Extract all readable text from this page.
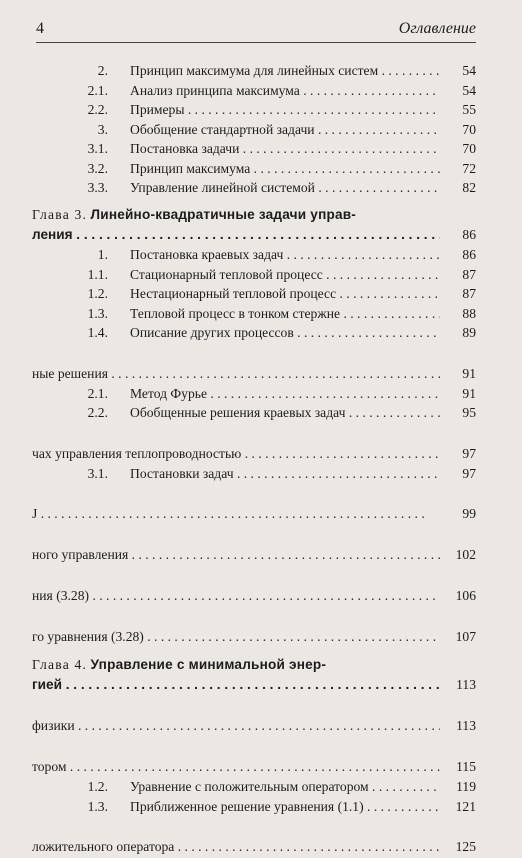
4	Оглавление
2. Принцип максимума для линейных систем . . .	54
2.1. Анализ принципа максимума . . .	54
2.2. Примеры . . .	55
3. Обобщение стандартной задачи . . .	70
3.1. Постановка задачи . . .	70
3.2. Принцип максимума . . .	72
3.3. Управление линейной системой . . .	82
Глава 3. Линейно-квадратичные задачи управ-
ления . . .	86
1. Постановка краевых задач . . .	86
1.1. Стационарный тепловой процесс . . .	87
1.2. Нестационарный тепловой процесс . . .	87
1.3. Тепловой процесс в тонком стержне . . .	88
1.4. Описание других процессов . . .	89
ные решения . . .	91
2.1. Метод Фурье . . .	91
2.2. Обобщенные решения краевых задач . . .	95
чах управления теплопроводностью . . .	97
3.1. Постановки задач . . .	97
J . . .	99
ного управления . . .	102
ния (3.28) . . .	106
го уравнения (3.28) . . .	107
Глава 4. Управление с минимальной энер-
гией . . .	113
физики . . .	113
тором . . .	115
1.2. Уравнение с положительным оператором . . .	119
1.3. Приближенное решение уравнения (1.1) . . .	121
ложительного оператора . . .	125
